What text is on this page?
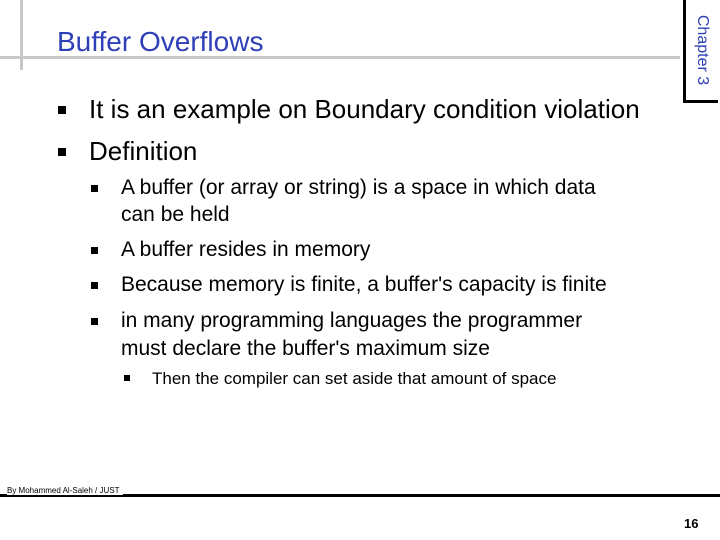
Buffer Overflows	Chapter 3
It is an example on Boundary condition violation
Definition
A buffer (or array or string) is a space in which data
can be held
A buffer resides in memory
Because memory is finite, a buffer's capacity is finite
in many programming languages the programmer
must declare the buffer's maximum size
Then the compiler can set aside that amount of space
By Mohammed Al-Saleh / JUST
16
